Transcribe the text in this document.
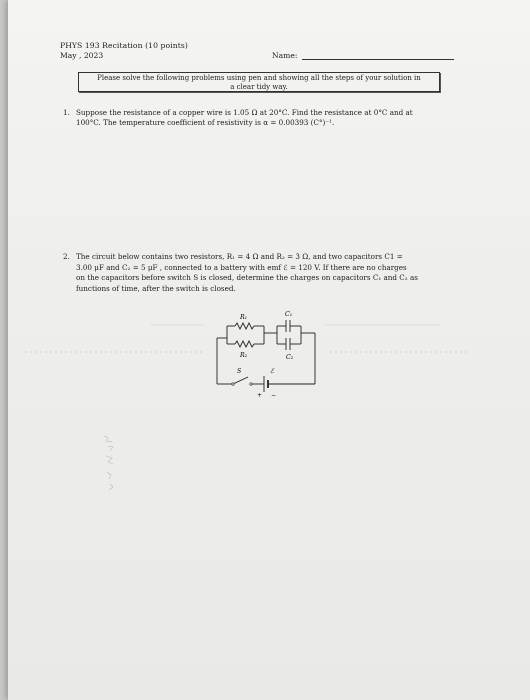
PHYS 193 Recitation (10 points)
May , 2023	Name:
Please solve the following problems using pen and showing all the steps of your solution in
a clear tidy way.
1. Suppose the resistance of a copper wire is 1.05 Ω at 20°C. Find the resistance at 0°C and at
100°C. The temperature coefficient of resistivity is α = 0.00393 (C°)⁻¹.
2. The circuit below contains two resistors, R₁ = 4 Ω and R₂ = 3 Ω, and two capacitors C1 =
3.00 μF and C₂ = 5 μF , connected to a battery with emf ℰ = 120 V. If there are no charges
on the capacitors before switch S is closed, determine the charges on capacitors C₁ and C₂ as
functions of time, after the switch is closed.
R₁
R₂
C₁
C₂
S	ℰ
+ −
